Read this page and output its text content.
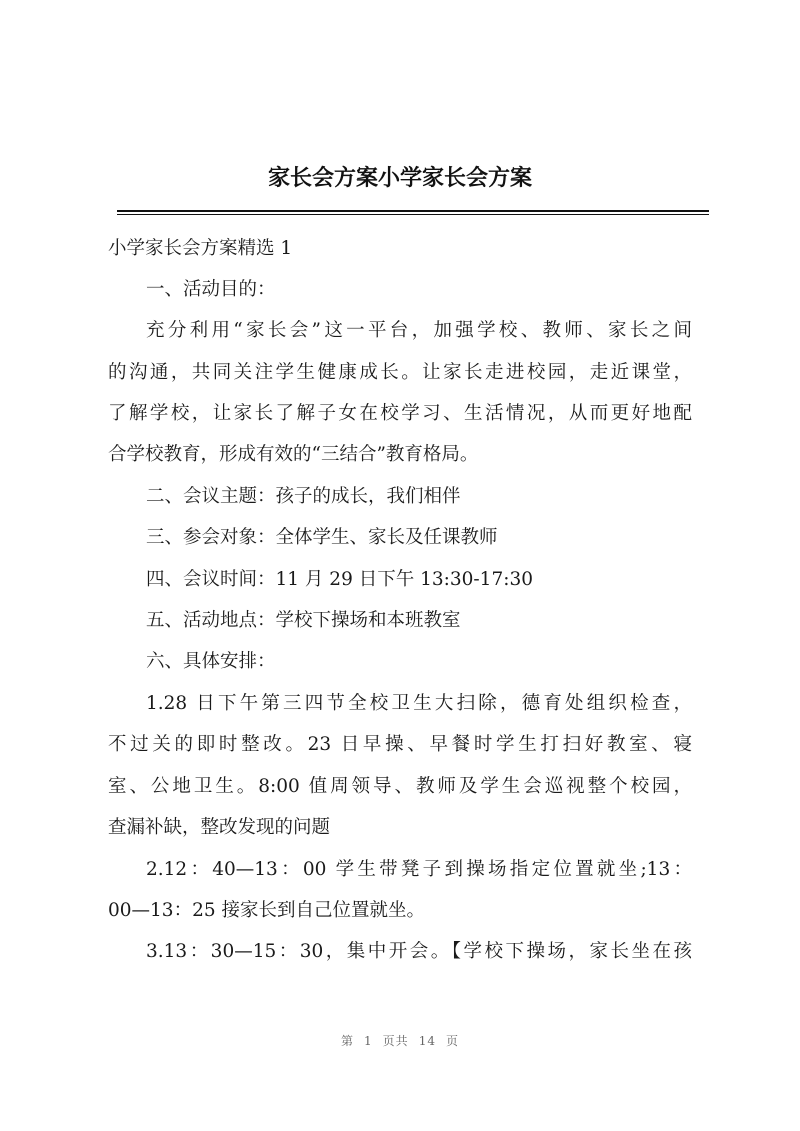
家长会方案小学家长会方案
小学家长会方案精选 1
一、活动目的：
充分利用“家长会”这一平台，加强学校、教师、家长之间
的沟通，共同关注学生健康成长。让家长走进校园，走近课堂，
了解学校，让家长了解子女在校学习、生活情况，从而更好地配
合学校教育，形成有效的“三结合”教育格局。
二、会议主题：孩子的成长，我们相伴
三、参会对象：全体学生、家长及任课教师
四、会议时间：11 月 29 日下午 13:30-17:30
五、活动地点：学校下操场和本班教室
六、具体安排：
1.28 日下午第三四节全校卫生大扫除，德育处组织检查，
不过关的即时整改。23 日早操、早餐时学生打扫好教室、寝
室、公地卫生。8:00 值周领导、教师及学生会巡视整个校园，
查漏补缺，整改发现的问题
2.12：40—13：00 学生带凳子到操场指定位置就坐;13：
00—13：25 接家长到自己位置就坐。
3.13：30—15：30，集中开会。【学校下操场，家长坐在孩
第 1 页共 14 页
